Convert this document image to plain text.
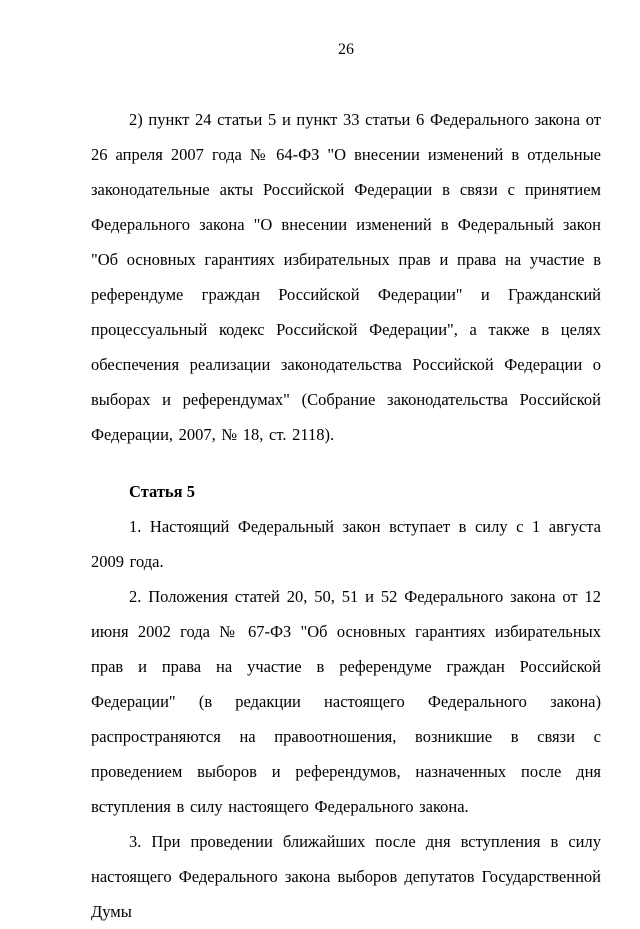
26

2) пункт 24 статьи 5 и пункт 33 статьи 6 Федерального закона от 26 апреля 2007 года № 64-ФЗ "О внесении изменений в отдельные законодательные акты Российской Федерации в связи с принятием Федерального закона "О внесении изменений в Федеральный закон "Об основных гарантиях избирательных прав и права на участие в референдуме граждан Российской Федерации" и Гражданский процессуальный кодекс Российской Федерации", а также в целях обеспечения реализации законодательства Российской Федерации о выборах и референдумах" (Собрание законодательства Российской Федерации, 2007, № 18, ст. 2118).

Статья 5

1. Настоящий Федеральный закон вступает в силу с 1 августа 2009 года.

2. Положения статей 20, 50, 51 и 52 Федерального закона от 12 июня 2002 года № 67-ФЗ "Об основных гарантиях избирательных прав и права на участие в референдуме граждан Российской Федерации" (в редакции настоящего Федерального закона) распространяются на правоотношения, возникшие в связи с проведением выборов и референдумов, назначенных после дня вступления в силу настоящего Федерального закона.

3. При проведении ближайших после дня вступления в силу настоящего Федерального закона выборов депутатов Государственной Думы
